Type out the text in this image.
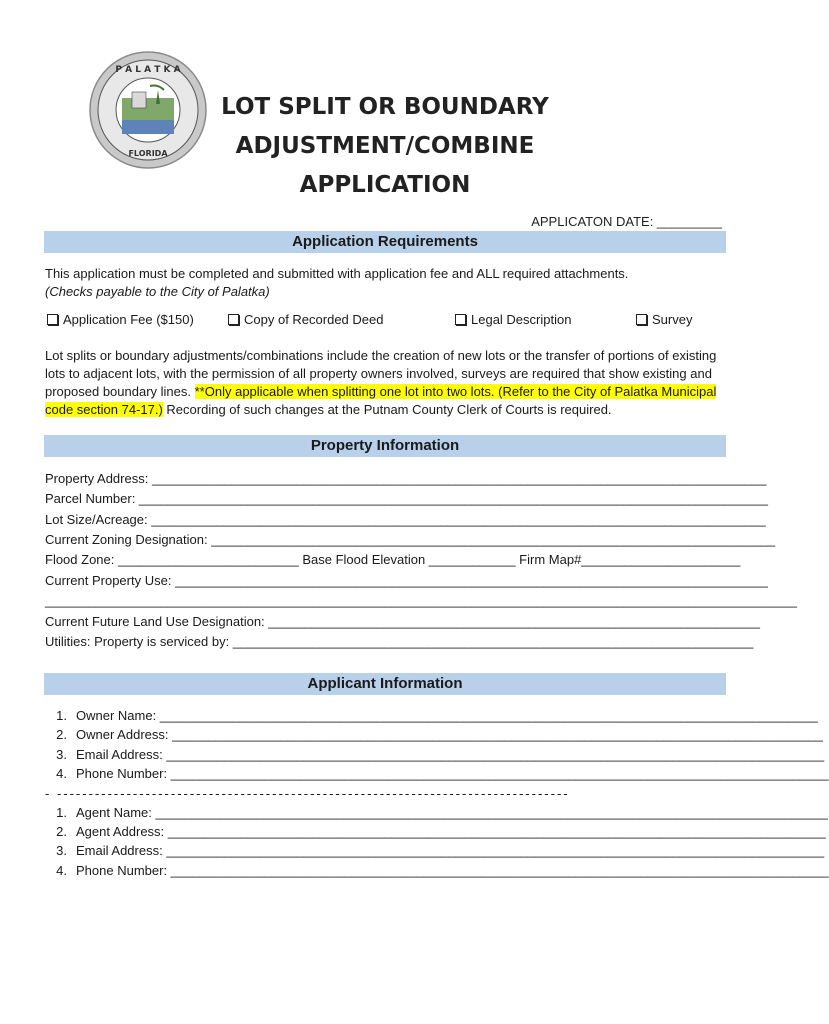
P A L A T K A
FLORIDA
LOT SPLIT OR BOUNDARY
ADJUSTMENT/COMBINE
APPLICATION
APPLICATON DATE: _________
Application Requirements
This application must be completed and submitted with application fee and ALL required attachments.
(Checks payable to the City of Palatka)
Application Fee ($150)	Copy of Recorded Deed	Legal Description	Survey
Lot splits or boundary adjustments/combinations include the creation of new lots or the transfer of portions of existing lots to adjacent lots, with the permission of all property owners involved, surveys are required that show existing and proposed boundary lines. **Only applicable when splitting one lot into two lots. (Refer to the City of Palatka Municipal code section 74-17.) Recording of such changes at the Putnam County Clerk of Courts is required.
Property Information
Property Address: _____________________________________________________________________________________
Parcel Number: _______________________________________________________________________________________
Lot Size/Acreage: _____________________________________________________________________________________
Current Zoning Designation: ______________________________________________________________________________
Flood Zone: _________________________ Base Flood Elevation ____________ Firm Map#______________________
Current Property Use: __________________________________________________________________________________
________________________________________________________________________________________________________
Current Future Land Use Designation: ____________________________________________________________________
Utilities: Property is serviced by: ________________________________________________________________________
Applicant Information
1. Owner Name: ___________________________________________________________________________________________
2. Owner Address: __________________________________________________________________________________________
3. Email Address: ___________________________________________________________________________________________
4. Phone Number: ___________________________________________________________________________________________
- ---------------------------------------------------------------------------------
1. Agent Name: _____________________________________________________________________________________________
2. Agent Address: ___________________________________________________________________________________________
3. Email Address: ___________________________________________________________________________________________
4. Phone Number: ___________________________________________________________________________________________
